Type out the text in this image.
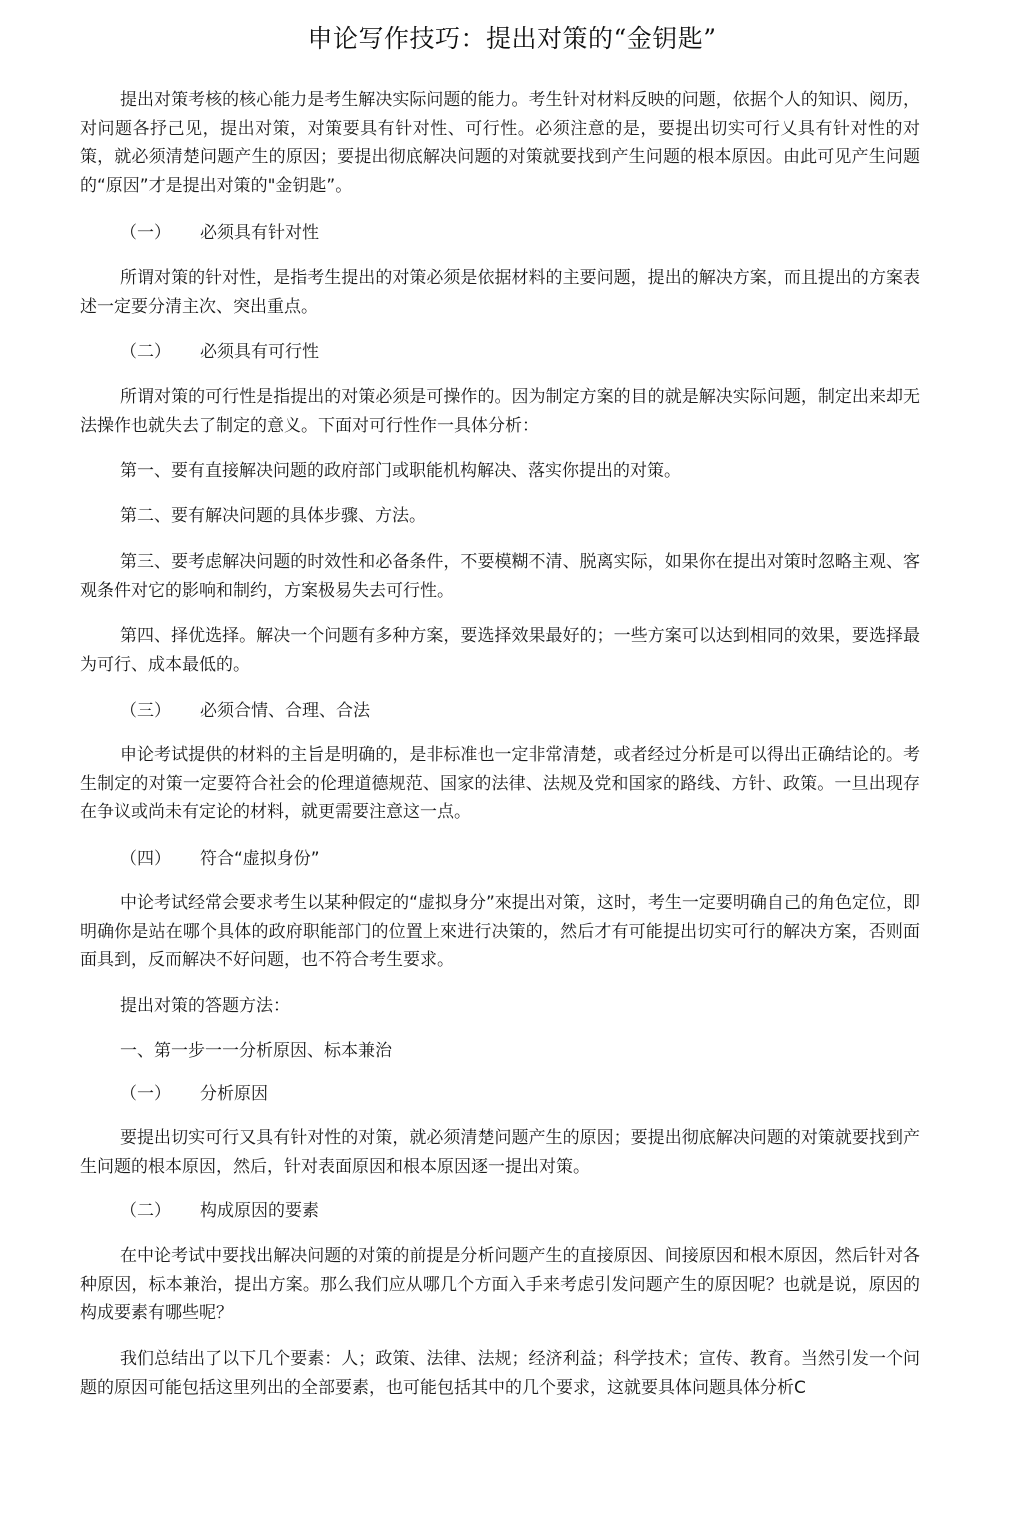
申论写作技巧：提出对策的“金钥匙”

提出对策考核的核心能力是考生解决实际问题的能力。考生针对材料反映的问题，依据个人的知识、阅历，对问题各抒己见，提出对策，对策要具有针对性、可行性。必须注意的是，要提出切实可行乂具有针对性的对策，就必须清楚问题产生的原因；要提出彻底解决问题的对策就要找到产生问题的根本原因。由此可见产生问题的“原因”才是提出对策的"金钥匙”。

（一） 必须具有针对性

所谓对策的针对性，是指考生提出的对策必须是依据材料的主要问题，提出的解决方案，而且提出的方案表述一定要分清主次、突出重点。

（二） 必须具有可行性

所谓对策的可行性是指提出的对策必须是可操作的。因为制定方案的目的就是解决实际问题，制定出来却无法操作也就失去了制定的意义。下面对可行性作一具体分析：

第一、要有直接解决问题的政府部门或职能机构解决、落实你提出的对策。

第二、要有解决问题的具体步骤、方法。

第三、要考虑解决问题的时效性和必备条件，不要模糊不清、脱离实际，如果你在提出对策时忽略主观、客观条件对它的影响和制约，方案极易失去可行性。

第四、择优选择。解决一个问题有多种方案，要选择效果最好的；一些方案可以达到相同的效果，要选择最为可行、成本最低的。

（三） 必须合情、合理、合法

申论考试提供的材料的主旨是明确的，是非标准也一定非常清楚，或者经过分析是可以得出正确结论的。考生制定的对策一定要符合社会的伦理道德规范、国家的法律、法规及党和国家的路线、方针、政策。一旦出现存在争议或尚未有定论的材料，就更需要注意这一点。

（四） 符合“虚拟身份”

中论考试经常会要求考生以某种假定的“虚拟身分”來提出对策，这时，考生一定要明确自己的角色定位，即明确你是站在哪个具体的政府职能部门的位置上來进行决策的，然后才有可能提出切实可行的解决方案，否则面面具到，反而解决不好问题，也不符合考生要求。

提出对策的答题方法：

一、第一步一一分析原因、标本兼治

（一） 分析原因

要提出切实可行又具有针对性的对策，就必须清楚问题产生的原因；要提出彻底解决问题的对策就要找到产生问题的根本原因，然后，针对表面原因和根本原因逐一提出对策。

（二） 构成原因的要素

在中论考试中要找出解决问题的对策的前提是分析问题产生的直接原因、间接原因和根木原因，然后针对各种原因，标本兼治，提出方案。那么我们应从哪几个方面入手来考虑引发问题产生的原因呢？也就是说，原因的构成要素有哪些呢？

我们总结出了以下几个要素：人；政策、法律、法规；经济利益；科学技术；宣传、教育。当然引发一个问题的原因可能包括这里列出的全部要素，也可能包括其中的几个要求，这就要具体问题具体分析C
